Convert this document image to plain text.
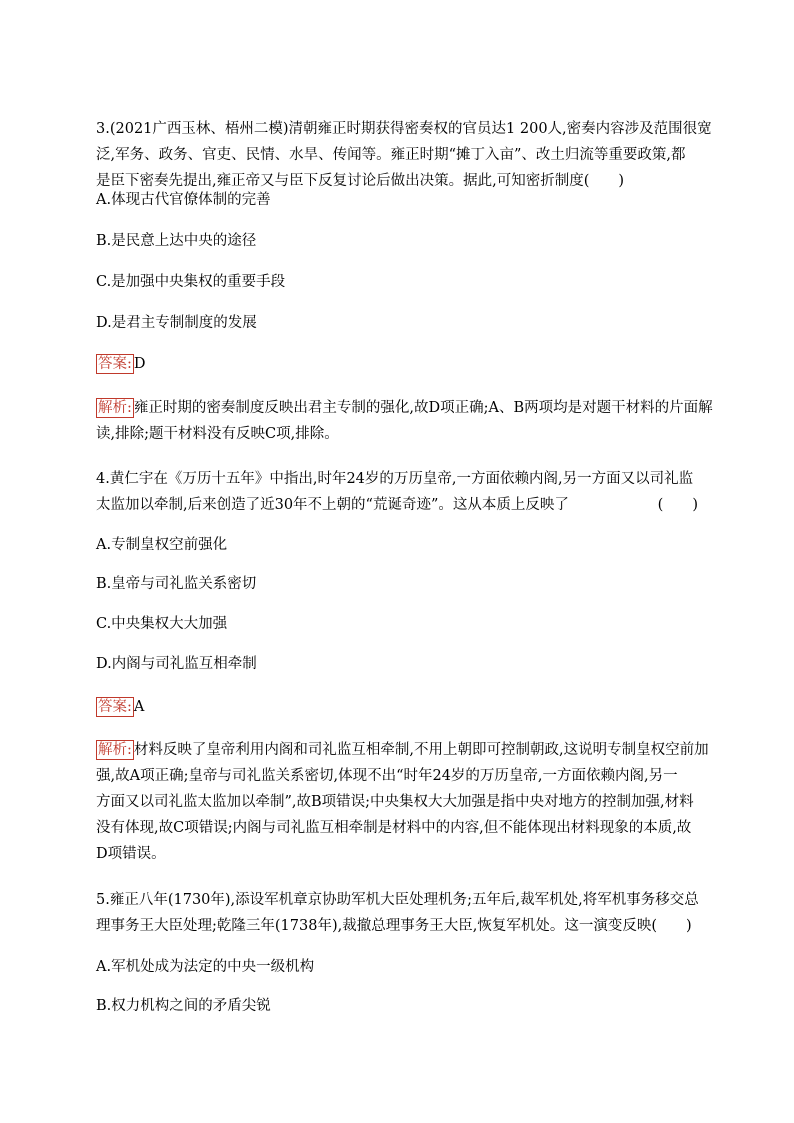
3.(2021广西玉林、梧州二模)清朝雍正时期获得密奏权的官员达1 200人,密奏内容涉及范围很宽
泛,军务、政务、官吏、民情、水旱、传闻等。雍正时期“摊丁入亩”、改土归流等重要政策,都
是臣下密奏先提出,雍正帝又与臣下反复讨论后做出决策。据此,可知密折制度(　　)
A.体现古代官僚体制的完善
B.是民意上达中央的途径
C.是加强中央集权的重要手段
D.是君主专制制度的发展
答案: D
解析: 雍正时期的密奏制度反映出君主专制的强化,故D项正确;A、B两项均是对题干材料的片面解
读,排除;题干材料没有反映C项,排除。
4.黄仁宇在《万历十五年》中指出,时年24岁的万历皇帝,一方面依赖内阁,另一方面又以司礼监
太监加以牵制,后来创造了近30年不上朝的“荒诞奇迹”。这从本质上反映了	(　　)
A.专制皇权空前强化
B.皇帝与司礼监关系密切
C.中央集权大大加强
D.内阁与司礼监互相牵制
答案: A
解析: 材料反映了皇帝利用内阁和司礼监互相牵制,不用上朝即可控制朝政,这说明专制皇权空前加
强,故A项正确;皇帝与司礼监关系密切,体现不出“时年24岁的万历皇帝,一方面依赖内阁,另一
方面又以司礼监太监加以牵制”,故B项错误;中央集权大大加强是指中央对地方的控制加强,材料
没有体现,故C项错误;内阁与司礼监互相牵制是材料中的内容,但不能体现出材料现象的本质,故
D项错误。
5.雍正八年(1730年),添设军机章京协助军机大臣处理机务;五年后,裁军机处,将军机事务移交总
理事务王大臣处理;乾隆三年(1738年),裁撤总理事务王大臣,恢复军机处。这一演变反映(　　)
A.军机处成为法定的中央一级机构
B.权力机构之间的矛盾尖锐
